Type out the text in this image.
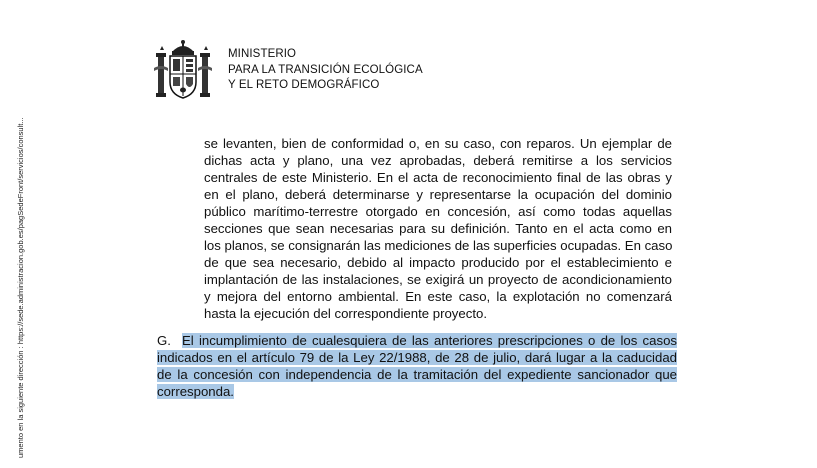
umento en la siguiente dirección : https://sede.administracion.gob.es/pagSedeFront/servicios/consult...
MINISTERIO
PARA LA TRANSICIÓN ECOLÓGICA
Y EL RETO DEMOGRÁFICO
se levanten, bien de conformidad o, en su caso, con reparos. Un ejemplar de
dichas acta y plano, una vez aprobadas, deberá remitirse a los servicios
centrales de este Ministerio. En el acta de reconocimiento final de las obras y
en el plano, deberá determinarse y representarse la ocupación del dominio
público marítimo-terrestre otorgado en concesión, así como todas aquellas
secciones que sean necesarias para su definición. Tanto en el acta como en
los planos, se consignarán las mediciones de las superficies ocupadas. En caso
de que sea necesario, debido al impacto producido por el establecimiento e
implantación de las instalaciones, se exigirá un proyecto de acondicionamiento
y mejora del entorno ambiental. En este caso, la explotación no comenzará
hasta la ejecución del correspondiente proyecto.
G. El incumplimiento de cualesquiera de las anteriores prescripciones o de los casos
indicados en el artículo 79 de la Ley 22/1988, de 28 de julio, dará lugar a la caducidad
de la concesión con independencia de la tramitación del expediente sancionador que
corresponda.
